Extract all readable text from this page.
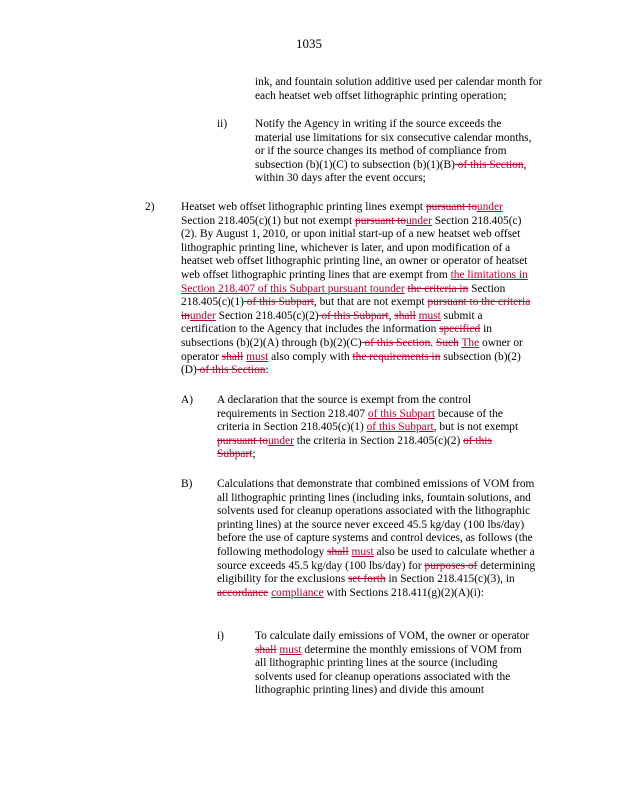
1035
ink, and fountain solution additive used per calendar month for each heatset web offset lithographic printing operation;
ii) Notify the Agency in writing if the source exceeds the material use limitations for six consecutive calendar months, or if the source changes its method of compliance from subsection (b)(1)(C) to subsection (b)(1)(B) of this Section, within 30 days after the event occurs;
2) Heatset web offset lithographic printing lines exempt pursuant tounder Section 218.405(c)(1) but not exempt pursuant tounder Section 218.405(c)(2). By August 1, 2010, or upon initial start-up of a new heatset web offset lithographic printing line, whichever is later, and upon modification of a heatset web offset lithographic printing line, an owner or operator of heatset web offset lithographic printing lines that are exempt from the limitations in Section 218.407 of this Subpart pursuant tounder the criteria in Section 218.405(c)(1) of this Subpart, but that are not exempt pursuant to the criteria inunder Section 218.405(c)(2) of this Subpart, shall must submit a certification to the Agency that includes the information specified in subsections (b)(2)(A) through (b)(2)(C) of this Section. Such The owner or operator shall must also comply with the requirements in subsection (b)(2)(D) of this Section:
A) A declaration that the source is exempt from the control requirements in Section 218.407 of this Subpart because of the criteria in Section 218.405(c)(1) of this Subpart, but is not exempt pursuant tounder the criteria in Section 218.405(c)(2) of this Subpart;
B) Calculations that demonstrate that combined emissions of VOM from all lithographic printing lines (including inks, fountain solutions, and solvents used for cleanup operations associated with the lithographic printing lines) at the source never exceed 45.5 kg/day (100 lbs/day) before the use of capture systems and control devices, as follows (the following methodology shall must also be used to calculate whether a source exceeds 45.5 kg/day (100 lbs/day) for purposes of determining eligibility for the exclusions set forth in Section 218.415(c)(3), in accordance compliance with Sections 218.411(g)(2)(A)(i):
i)	To calculate daily emissions of VOM, the owner or operator shall must determine the monthly emissions of VOM from all lithographic printing lines at the source (including solvents used for cleanup operations associated with the lithographic printing lines) and divide this amount
